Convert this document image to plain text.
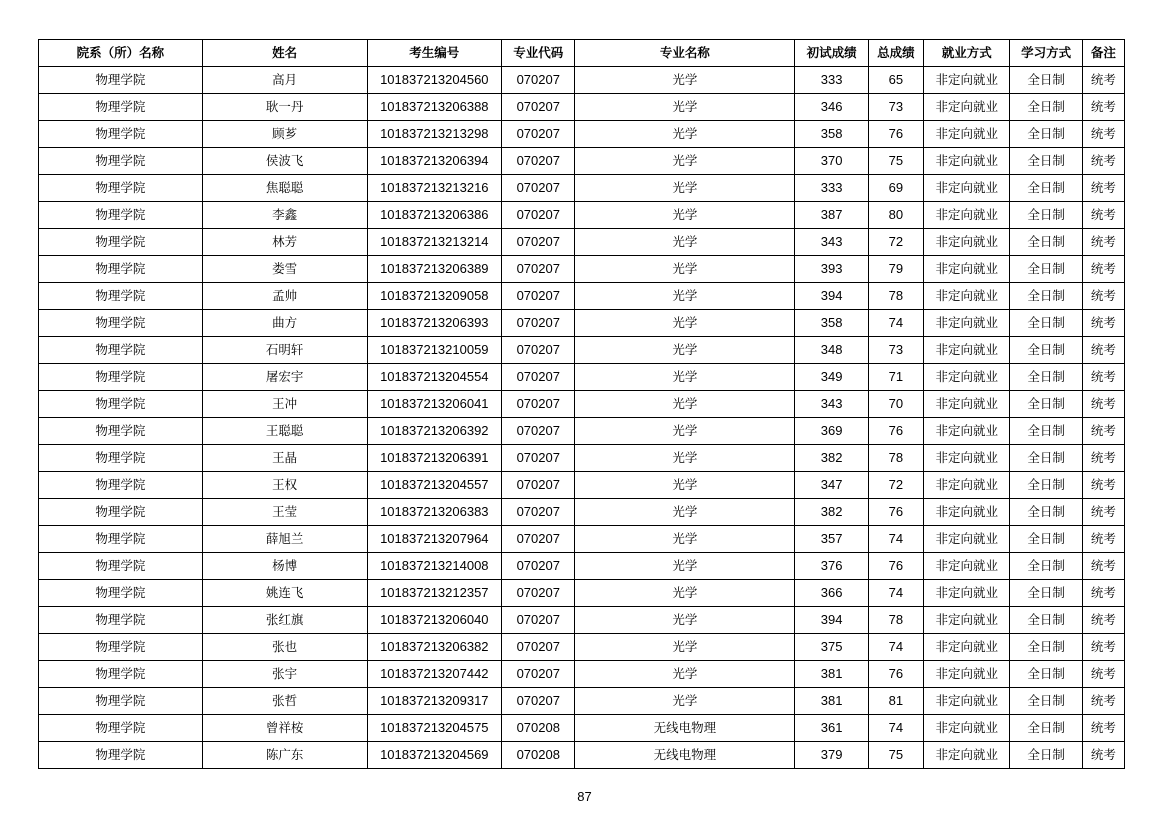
院系（所）名称	姓名	考生编号	专业代码	专业名称	初试成绩	总成绩	就业方式	学习方式	备注
物理学院	高月	101837213204560	070207	光学	333	65	非定向就业	全日制	统考
物理学院	耿一丹	101837213206388	070207	光学	346	73	非定向就业	全日制	统考
物理学院	顾芗	101837213213298	070207	光学	358	76	非定向就业	全日制	统考
物理学院	侯波飞	101837213206394	070207	光学	370	75	非定向就业	全日制	统考
物理学院	焦聪聪	101837213213216	070207	光学	333	69	非定向就业	全日制	统考
物理学院	李鑫	101837213206386	070207	光学	387	80	非定向就业	全日制	统考
物理学院	林芳	101837213213214	070207	光学	343	72	非定向就业	全日制	统考
物理学院	娄雪	101837213206389	070207	光学	393	79	非定向就业	全日制	统考
物理学院	孟帅	101837213209058	070207	光学	394	78	非定向就业	全日制	统考
物理学院	曲方	101837213206393	070207	光学	358	74	非定向就业	全日制	统考
物理学院	石明轩	101837213210059	070207	光学	348	73	非定向就业	全日制	统考
物理学院	屠宏宇	101837213204554	070207	光学	349	71	非定向就业	全日制	统考
物理学院	王冲	101837213206041	070207	光学	343	70	非定向就业	全日制	统考
物理学院	王聪聪	101837213206392	070207	光学	369	76	非定向就业	全日制	统考
物理学院	王晶	101837213206391	070207	光学	382	78	非定向就业	全日制	统考
物理学院	王权	101837213204557	070207	光学	347	72	非定向就业	全日制	统考
物理学院	王莹	101837213206383	070207	光学	382	76	非定向就业	全日制	统考
物理学院	薛旭兰	101837213207964	070207	光学	357	74	非定向就业	全日制	统考
物理学院	杨博	101837213214008	070207	光学	376	76	非定向就业	全日制	统考
物理学院	姚连飞	101837213212357	070207	光学	366	74	非定向就业	全日制	统考
物理学院	张红旗	101837213206040	070207	光学	394	78	非定向就业	全日制	统考
物理学院	张也	101837213206382	070207	光学	375	74	非定向就业	全日制	统考
物理学院	张宇	101837213207442	070207	光学	381	76	非定向就业	全日制	统考
物理学院	张哲	101837213209317	070207	光学	381	81	非定向就业	全日制	统考
物理学院	曾祥桉	101837213204575	070208	无线电物理	361	74	非定向就业	全日制	统考
物理学院	陈广东	101837213204569	070208	无线电物理	379	75	非定向就业	全日制	统考
87
